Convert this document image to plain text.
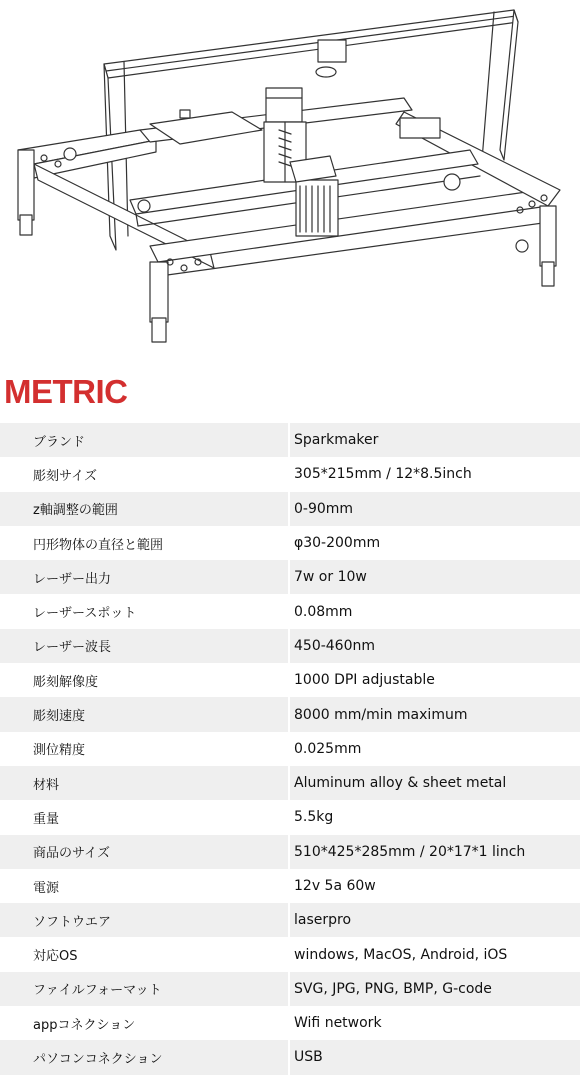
METRIC
ブランド	Sparkmaker
彫刻サイズ	305*215mm / 12*8.5inch
z軸調整の範囲	0-90mm
円形物体の直径と範囲	φ30-200mm
レーザー出力	7w or 10w
レーザースポット	0.08mm
レーザー波長	450-460nm
彫刻解像度	1000 DPI adjustable
彫刻速度	8000 mm/min maximum
測位精度	0.025mm
材料	Aluminum alloy & sheet metal
重量	5.5kg
商品のサイズ	510*425*285mm / 20*17*1 linch
電源	12v 5a 60w
ソフトウエア	laserpro
対応OS	windows, MacOS, Android, iOS
ファイルフォーマット	SVG, JPG, PNG, BMP, G-code
appコネクション	Wifi network
パソコンコネクション	USB
